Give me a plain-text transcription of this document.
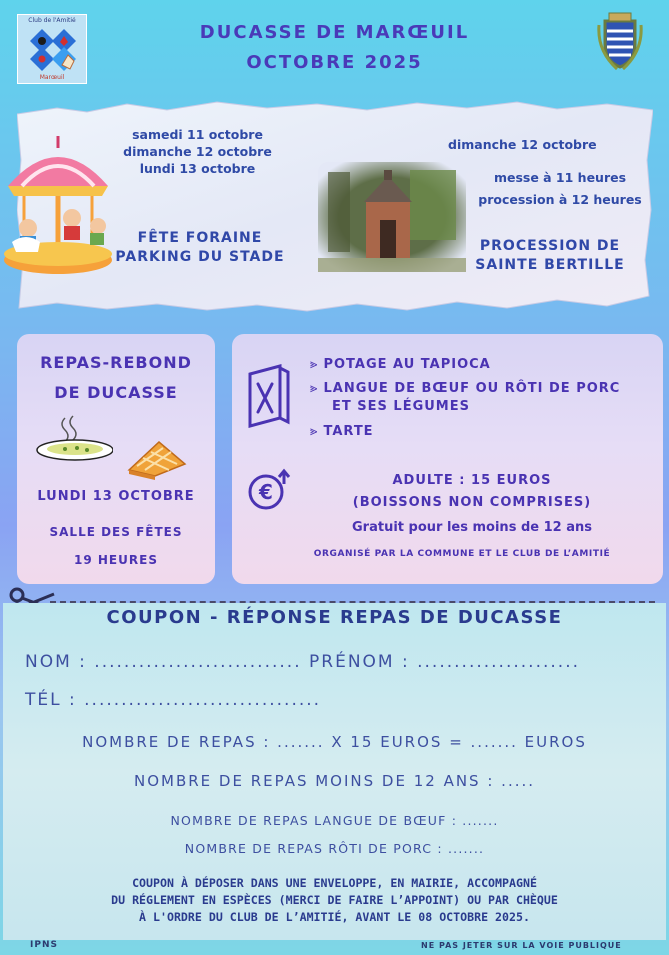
Club de l'Amitié
Marœuil
DUCASSE DE MARŒUIL
OCTOBRE 2025
samedi 11 octobre
dimanche 12 octobre
lundi 13 octobre
FÊTE FORAINE
PARKING DU STADE
dimanche 12 octobre
messe à 11 heures
procession à 12 heures
PROCESSION DE
SAINTE BERTILLE
REPAS-REBOND
DE DUCASSE
LUNDI 13 OCTOBRE
SALLE DES FÊTES
19 HEURES
⪢ POTAGE AU TAPIOCA
⪢ LANGUE DE BŒUF OU RÔTI DE PORC
ET SES LÉGUMES
⪢ TARTE
€	ADULTE : 15 EUROS
(BOISSONS NON COMPRISES)
Gratuit pour les moins de 12 ans
ORGANISÉ PAR LA COMMUNE ET LE CLUB DE L’AMITIÉ
COUPON - RÉPONSE REPAS DE DUCASSE
NOM : ............................ PRÉNOM : ......................
TÉL : ................................
NOMBRE DE REPAS : ....... X 15 EUROS = ....... EUROS
NOMBRE DE REPAS MOINS DE 12 ANS : .....
NOMBRE DE REPAS LANGUE DE BŒUF : .......
NOMBRE DE REPAS RÔTI DE PORC : .......
COUPON À DÉPOSER DANS UNE ENVELOPPE, EN MAIRIE, ACCOMPAGNÉ
DU RÉGLEMENT EN ESPÈCES (MERCI DE FAIRE L’APPOINT) OU PAR CHÈQUE
À L'ORDRE DU CLUB DE L’AMITIÉ, AVANT LE 08 OCTOBRE 2025.
IPNS	NE PAS JETER SUR LA VOIE PUBLIQUE
